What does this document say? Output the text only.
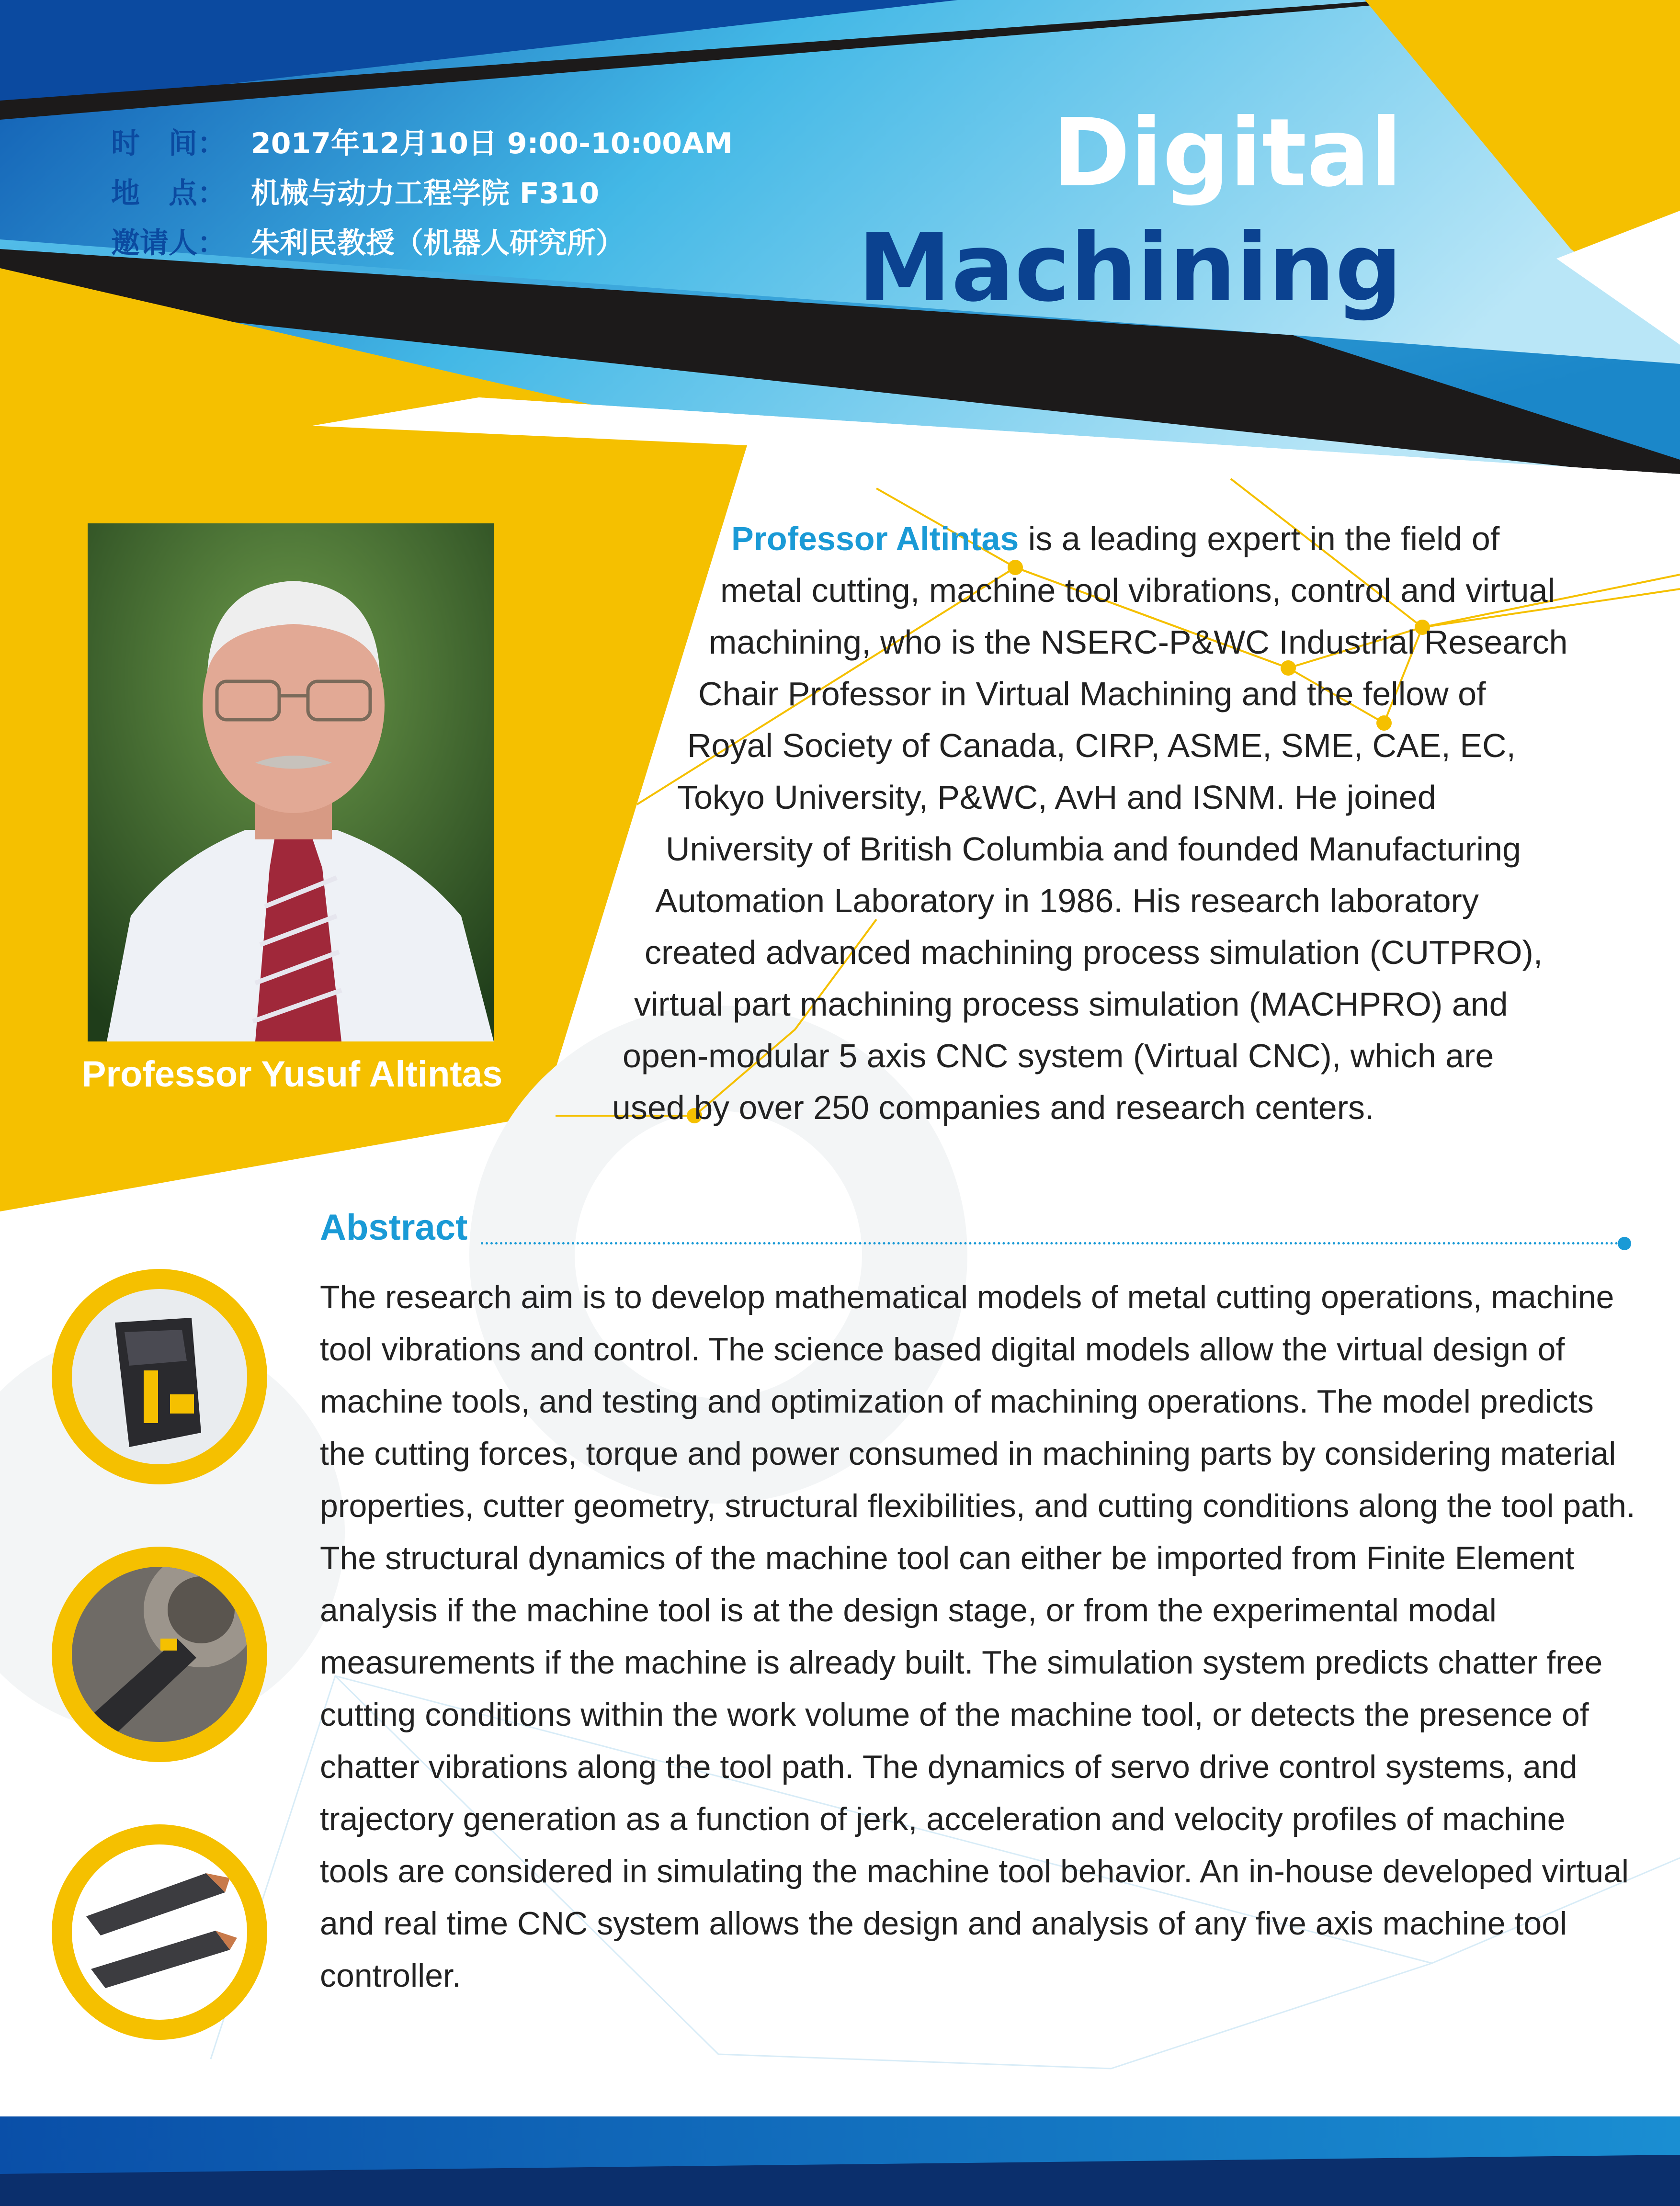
时　间： 2017年12月10日 9:00-10:00AM
地　点： 机械与动力工程学院 F310
邀请人： 朱利民教授（机器人研究所）
Digital
Machining
Professor Yusuf Altintas
Professor Altintas is a leading expert in the field of
metal cutting, machine tool vibrations, control and virtual
machining, who is the NSERC-P&WC Industrial Research
Chair Professor in Virtual Machining and the fellow of
Royal Society of Canada, CIRP, ASME, SME, CAE, EC,
Tokyo University, P&WC, AvH and ISNM. He joined
University of British Columbia and founded Manufacturing
Automation Laboratory in 1986. His research laboratory
created advanced machining process simulation (CUTPRO),
virtual part machining process simulation (MACHPRO) and
open-modular 5 axis CNC system (Virtual CNC), which are
used by over 250 companies and research centers.
Abstract
The research aim is to develop mathematical models of metal cutting operations, machine tool vibrations and control. The science based digital models allow the virtual design of machine tools, and testing and optimization of machining operations. The model predicts the cutting forces, torque and power consumed in machining parts by considering material properties, cutter geometry, structural flexibilities, and cutting conditions along the tool path. The structural dynamics of the machine tool can either be imported from Finite Element analysis if the machine tool is at the design stage, or from the experimental modal measurements if the machine is already built. The simulation system predicts chatter free cutting conditions within the work volume of the machine tool, or detects the presence of chatter vibrations along the tool path. The dynamics of servo drive control systems, and trajectory generation as a function of jerk, acceleration and velocity profiles of machine tools are considered in simulating the machine tool behavior. An in-house developed virtual and real time CNC system allows the design and analysis of any five axis machine tool controller.
